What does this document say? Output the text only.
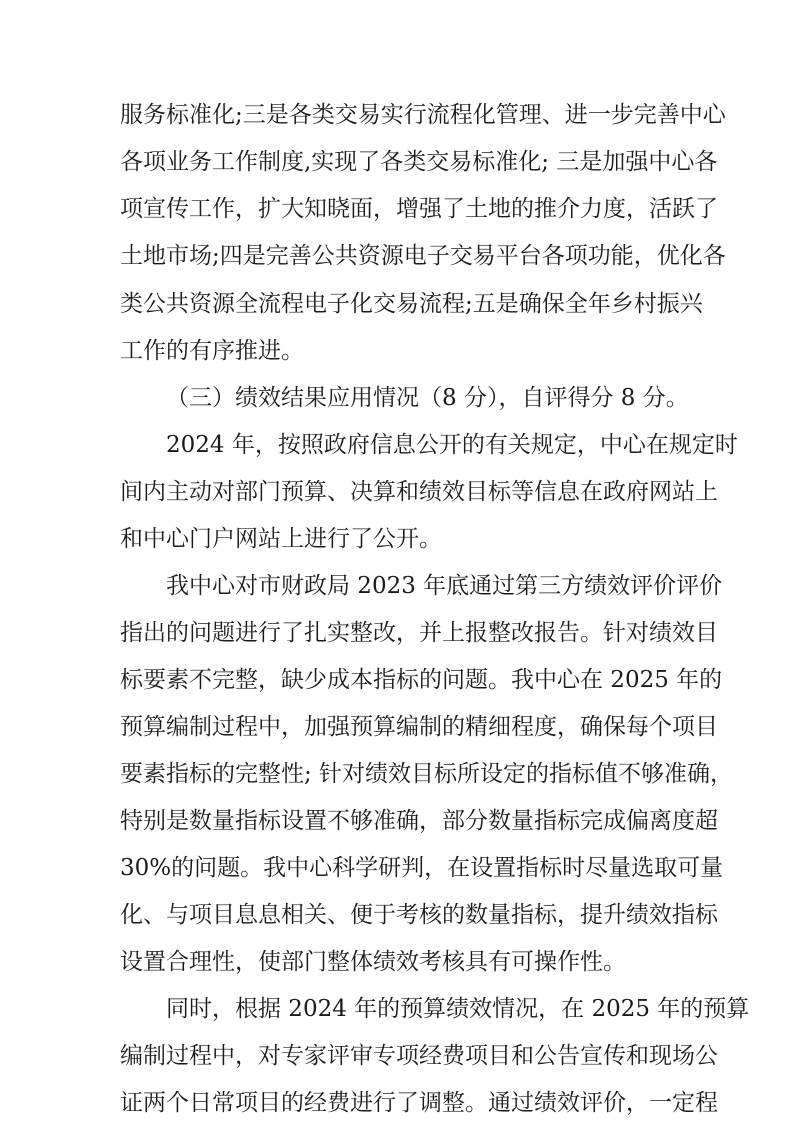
服务标准化;三是各类交易实行流程化管理、进一步完善中心
各项业务工作制度,实现了各类交易标准化; 三是加强中心各
项宣传工作，扩大知晓面，增强了土地的推介力度，活跃了
土地市场;四是完善公共资源电子交易平台各项功能，优化各
类公共资源全流程电子化交易流程;五是确保全年乡村振兴
工作的有序推进。
（三）绩效结果应用情况（8 分），自评得分 8 分。
2024 年，按照政府信息公开的有关规定，中心在规定时
间内主动对部门预算、决算和绩效目标等信息在政府网站上
和中心门户网站上进行了公开。
我中心对市财政局 2023 年底通过第三方绩效评价评价
指出的问题进行了扎实整改，并上报整改报告。针对绩效目
标要素不完整，缺少成本指标的问题。我中心在 2025 年的
预算编制过程中，加强预算编制的精细程度，确保每个项目
要素指标的完整性; 针对绩效目标所设定的指标值不够准确，
特别是数量指标设置不够准确，部分数量指标完成偏离度超
30%的问题。我中心科学研判，在设置指标时尽量选取可量
化、与项目息息相关、便于考核的数量指标，提升绩效指标
设置合理性，使部门整体绩效考核具有可操作性。
同时，根据 2024 年的预算绩效情况，在 2025 年的预算
编制过程中，对专家评审专项经费项目和公告宣传和现场公
证两个日常项目的经费进行了调整。通过绩效评价，一定程
